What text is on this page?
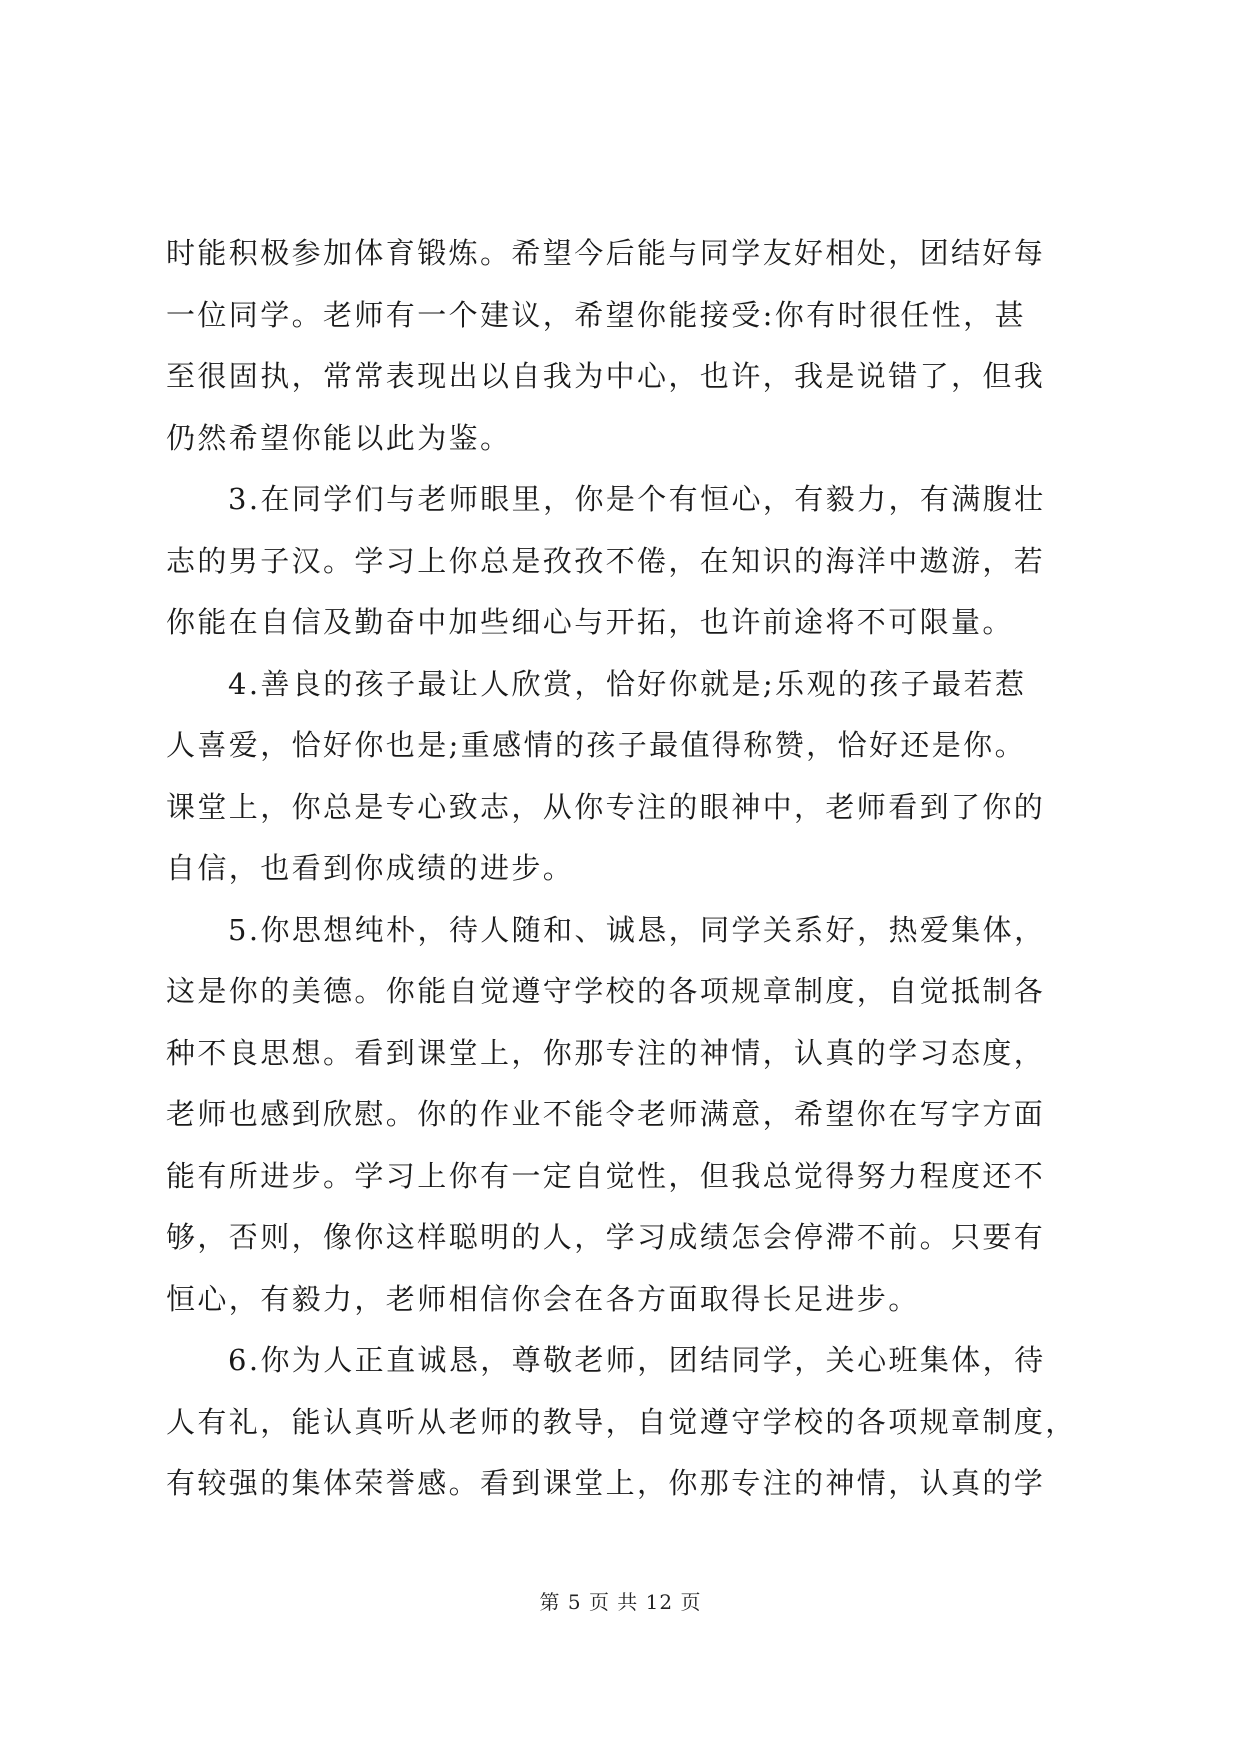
时能积极参加体育锻炼。希望今后能与同学友好相处，团结好每
一位同学。老师有一个建议，希望你能接受:你有时很任性，甚
至很固执，常常表现出以自我为中心，也许，我是说错了，但我
仍然希望你能以此为鉴。
3.在同学们与老师眼里，你是个有恒心，有毅力，有满腹壮
志的男子汉。学习上你总是孜孜不倦，在知识的海洋中遨游，若
你能在自信及勤奋中加些细心与开拓，也许前途将不可限量。
4.善良的孩子最让人欣赏，恰好你就是;乐观的孩子最若惹
人喜爱，恰好你也是;重感情的孩子最值得称赞，恰好还是你。
课堂上，你总是专心致志，从你专注的眼神中，老师看到了你的
自信，也看到你成绩的进步。
5.你思想纯朴，待人随和、诚恳，同学关系好，热爱集体，
这是你的美德。你能自觉遵守学校的各项规章制度，自觉抵制各
种不良思想。看到课堂上，你那专注的神情，认真的学习态度，
老师也感到欣慰。你的作业不能令老师满意，希望你在写字方面
能有所进步。学习上你有一定自觉性，但我总觉得努力程度还不
够，否则，像你这样聪明的人，学习成绩怎会停滞不前。只要有
恒心，有毅力，老师相信你会在各方面取得长足进步。
6.你为人正直诚恳，尊敬老师，团结同学，关心班集体，待
人有礼，能认真听从老师的教导，自觉遵守学校的各项规章制度，
有较强的集体荣誉感。看到课堂上，你那专注的神情，认真的学
第 5 页 共 12 页
